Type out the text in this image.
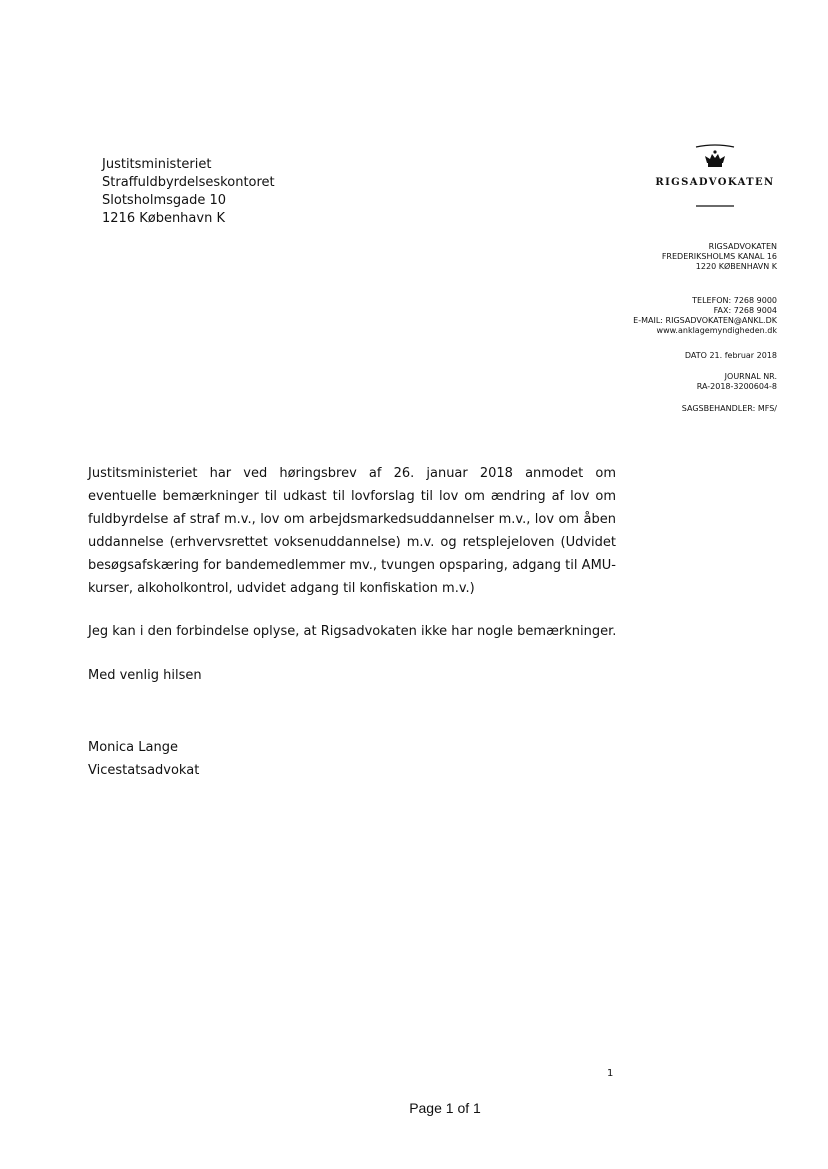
Justitsministeriet
Straffuldbyrdelseskontoret
Slotsholmsgade 10
1216 København K
RIGSADVOKATEN
RIGSADVOKATEN
FREDERIKSHOLMS KANAL 16
1220 KØBENHAVN K
TELEFON: 7268 9000
FAX: 7268 9004
E-MAIL: RIGSADVOKATEN@ANKL.DK
www.anklagemyndigheden.dk
DATO 21. februar 2018
JOURNAL NR.
RA-2018-3200604-8
SAGSBEHANDLER: MFS/
Justitsministeriet har ved høringsbrev af 26. januar 2018 anmodet om eventuelle bemærkninger til udkast til lovforslag til lov om ændring af lov om fuldbyrdelse af straf m.v., lov om arbejdsmarkedsuddannelser m.v., lov om åben uddannelse (erhvervsrettet voksenuddannelse) m.v. og retsplejeloven (Udvidet besøgsafskæring for bandemedlemmer mv., tvungen opsparing, adgang til AMU-kurser, alkoholkontrol, udvidet adgang til konfiskation m.v.)
Jeg kan i den forbindelse oplyse, at Rigsadvokaten ikke har nogle bemærkninger.
Med venlig hilsen
Monica Lange
Vicestatsadvokat
1
Page 1 of 1
